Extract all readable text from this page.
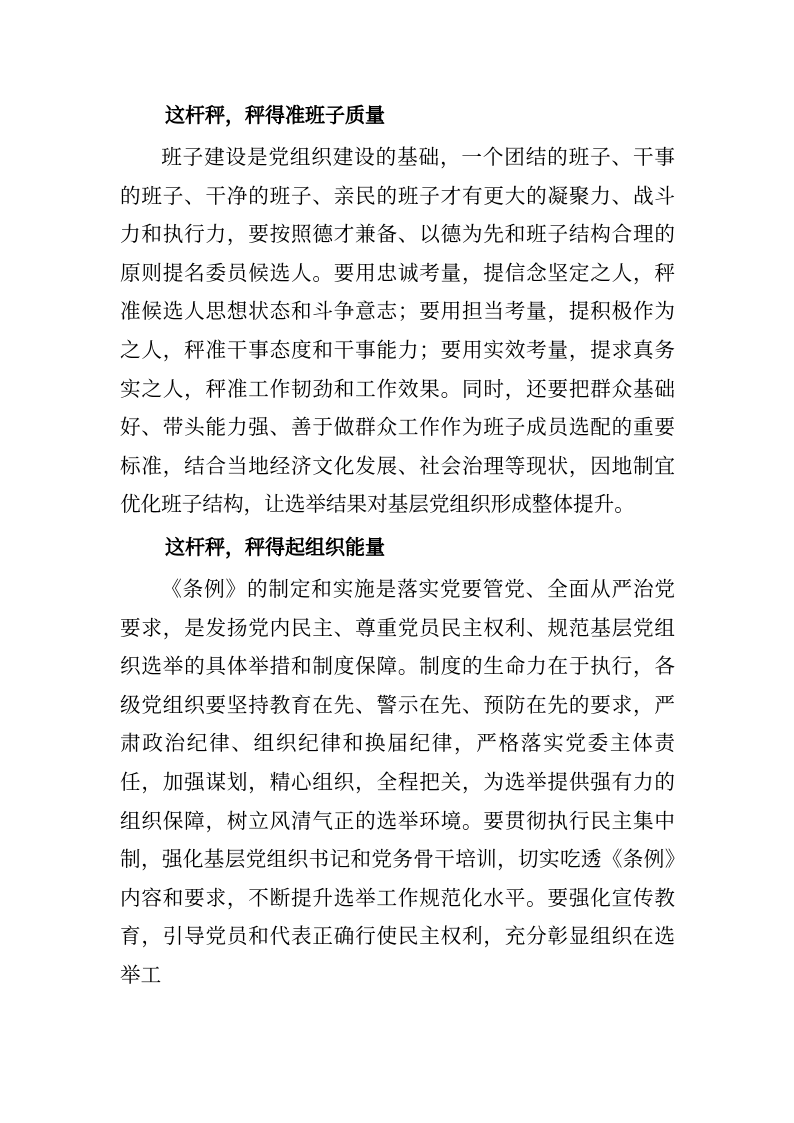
这杆秤，秤得准班子质量

班子建设是党组织建设的基础，一个团结的班子、干事的班子、干净的班子、亲民的班子才有更大的凝聚力、战斗力和执行力，要按照德才兼备、以德为先和班子结构合理的原则提名委员候选人。要用忠诚考量，提信念坚定之人，秤准候选人思想状态和斗争意志；要用担当考量，提积极作为之人，秤准干事态度和干事能力；要用实效考量，提求真务实之人，秤准工作韧劲和工作效果。同时，还要把群众基础好、带头能力强、善于做群众工作作为班子成员选配的重要标准，结合当地经济文化发展、社会治理等现状，因地制宜优化班子结构，让选举结果对基层党组织形成整体提升。

这杆秤，秤得起组织能量

《条例》的制定和实施是落实党要管党、全面从严治党要求，是发扬党内民主、尊重党员民主权利、规范基层党组织选举的具体举措和制度保障。制度的生命力在于执行，各级党组织要坚持教育在先、警示在先、预防在先的要求，严肃政治纪律、组织纪律和换届纪律，严格落实党委主体责任，加强谋划，精心组织，全程把关，为选举提供强有力的组织保障，树立风清气正的选举环境。要贯彻执行民主集中制，强化基层党组织书记和党务骨干培训，切实吃透《条例》内容和要求，不断提升选举工作规范化水平。要强化宣传教育，引导党员和代表正确行使民主权利，充分彰显组织在选举工
